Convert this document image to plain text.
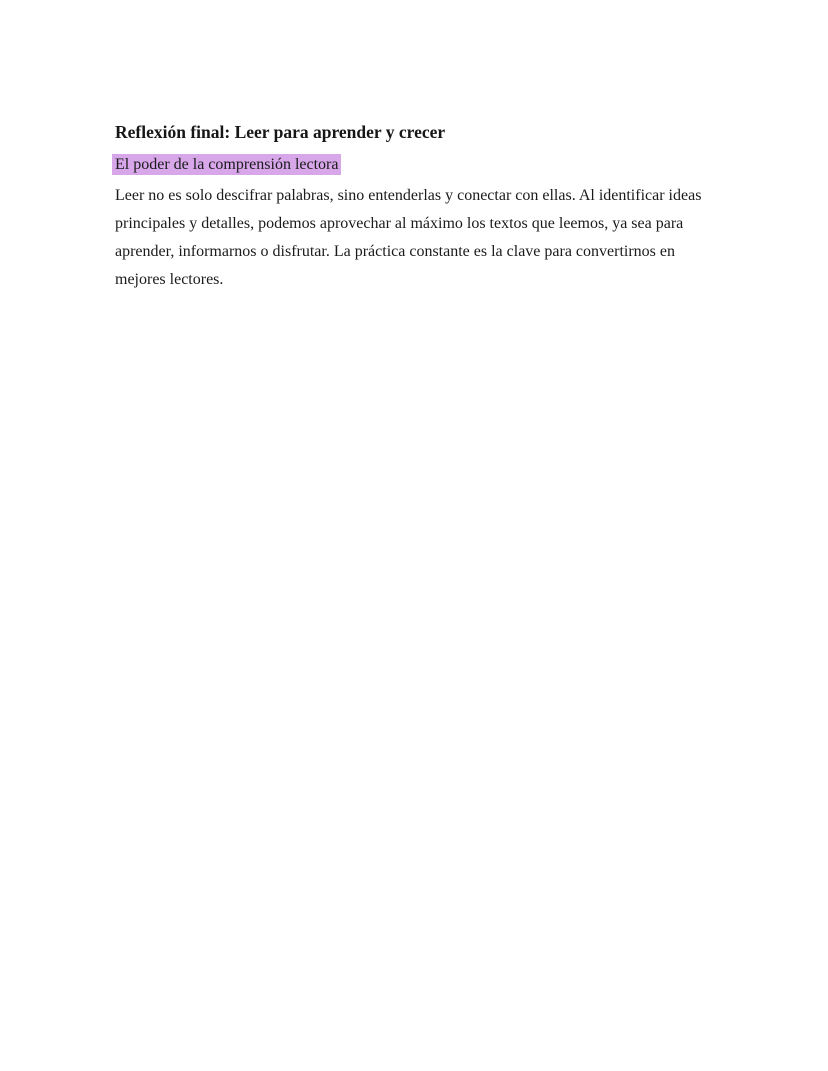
Reflexión final: Leer para aprender y crecer

El poder de la comprensión lectora

Leer no es solo descifrar palabras, sino entenderlas y conectar con ellas. Al identificar ideas
principales y detalles, podemos aprovechar al máximo los textos que leemos, ya sea para
aprender, informarnos o disfrutar. La práctica constante es la clave para convertirnos en
mejores lectores.
